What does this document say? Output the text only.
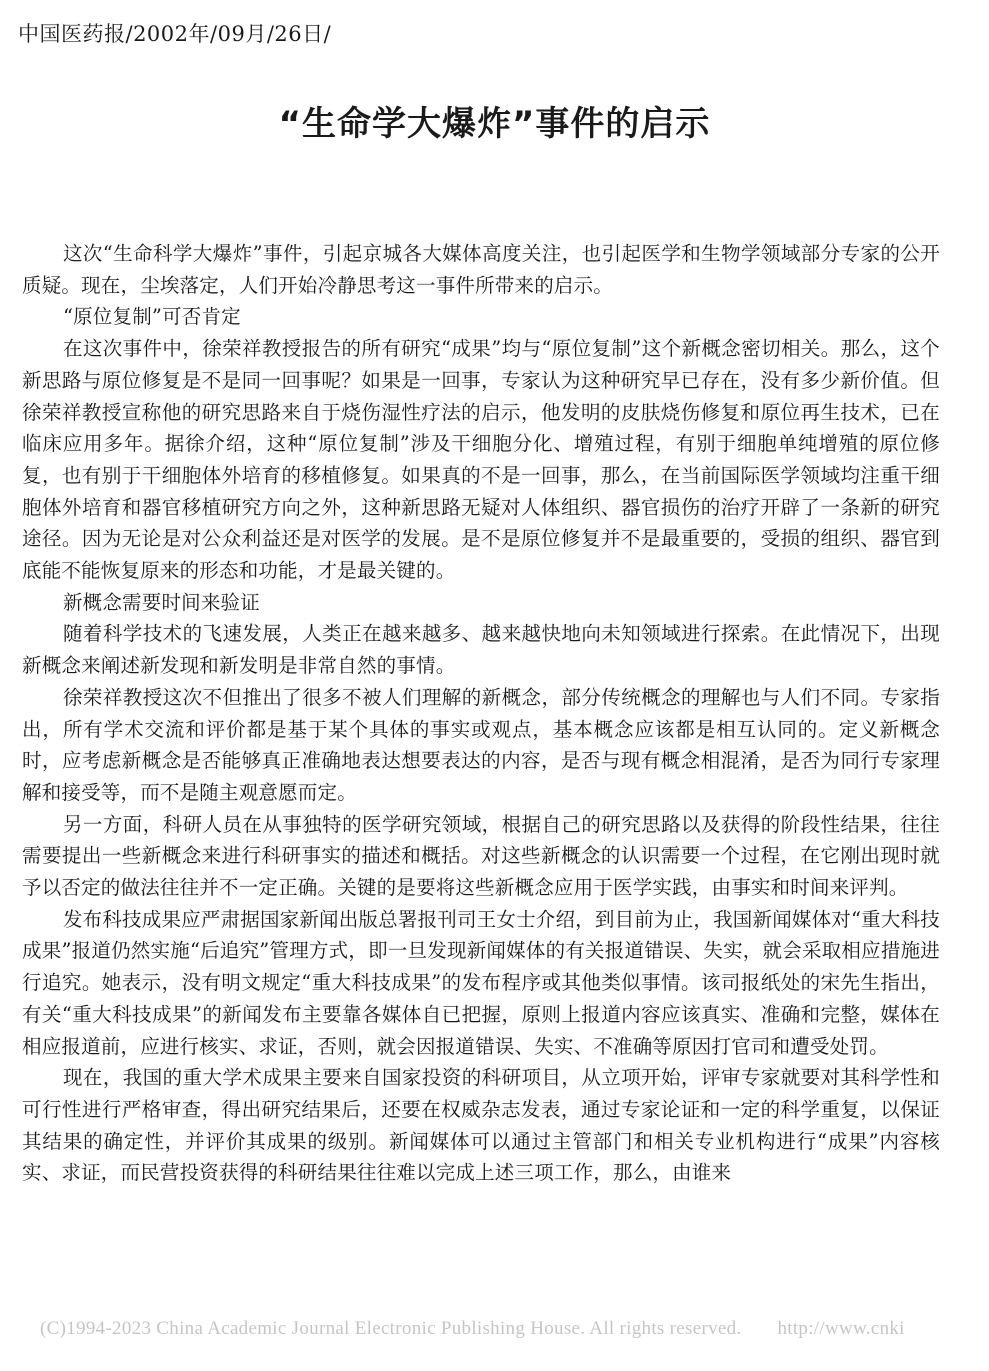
中国医药报/2002年/09月/26日/
“生命学大爆炸”事件的启示

这次“生命科学大爆炸”事件，引起京城各大媒体高度关注，也引起医学和生物学领域部分专家的公开质疑。现在，尘埃落定，人们开始冷静思考这一事件所带来的启示。

“原位复制”可否肯定

在这次事件中，徐荣祥教授报告的所有研究“成果”均与“原位复制”这个新概念密切相关。那么，这个新思路与原位修复是不是同一回事呢？如果是一回事，专家认为这种研究早已存在，没有多少新价值。但徐荣祥教授宣称他的研究思路来自于烧伤湿性疗法的启示，他发明的皮肤烧伤修复和原位再生技术，已在临床应用多年。据徐介绍，这种“原位复制”涉及干细胞分化、增殖过程，有别于细胞单纯增殖的原位修复，也有别于干细胞体外培育的移植修复。如果真的不是一回事，那么，在当前国际医学领域均注重干细胞体外培育和器官移植研究方向之外，这种新思路无疑对人体组织、器官损伤的治疗开辟了一条新的研究途径。因为无论是对公众利益还是对医学的发展。是不是原位修复并不是最重要的，受损的组织、器官到底能不能恢复原来的形态和功能，才是最关键的。

新概念需要时间来验证

随着科学技术的飞速发展，人类正在越来越多、越来越快地向未知领域进行探索。在此情况下，出现新概念来阐述新发现和新发明是非常自然的事情。

徐荣祥教授这次不但推出了很多不被人们理解的新概念，部分传统概念的理解也与人们不同。专家指出，所有学术交流和评价都是基于某个具体的事实或观点，基本概念应该都是相互认同的。定义新概念时，应考虑新概念是否能够真正准确地表达想要表达的内容，是否与现有概念相混淆，是否为同行专家理解和接受等，而不是随主观意愿而定。

另一方面，科研人员在从事独特的医学研究领域，根据自己的研究思路以及获得的阶段性结果，往往需要提出一些新概念来进行科研事实的描述和概括。对这些新概念的认识需要一个过程，在它刚出现时就予以否定的做法往往并不一定正确。关键的是要将这些新概念应用于医学实践，由事实和时间来评判。

发布科技成果应严肃据国家新闻出版总署报刊司王女士介绍，到目前为止，我国新闻媒体对“重大科技成果”报道仍然实施“后追究”管理方式，即一旦发现新闻媒体的有关报道错误、失实，就会采取相应措施进行追究。她表示，没有明文规定“重大科技成果”的发布程序或其他类似事情。该司报纸处的宋先生指出，有关“重大科技成果”的新闻发布主要靠各媒体自已把握，原则上报道内容应该真实、准确和完整，媒体在相应报道前，应进行核实、求证，否则，就会因报道错误、失实、不准确等原因打官司和遭受处罚。

现在，我国的重大学术成果主要来自国家投资的科研项目，从立项开始，评审专家就要对其科学性和可行性进行严格审查，得出研究结果后，还要在权威杂志发表，通过专家论证和一定的科学重复，以保证其结果的确定性，并评价其成果的级别。新闻媒体可以通过主管部门和相关专业机构进行“成果”内容核实、求证，而民营投资获得的科研结果往往难以完成上述三项工作，那么，由谁来

(C)1994-2023 China Academic Journal Electronic Publishing House. All rights reserved. http://www.cnki
